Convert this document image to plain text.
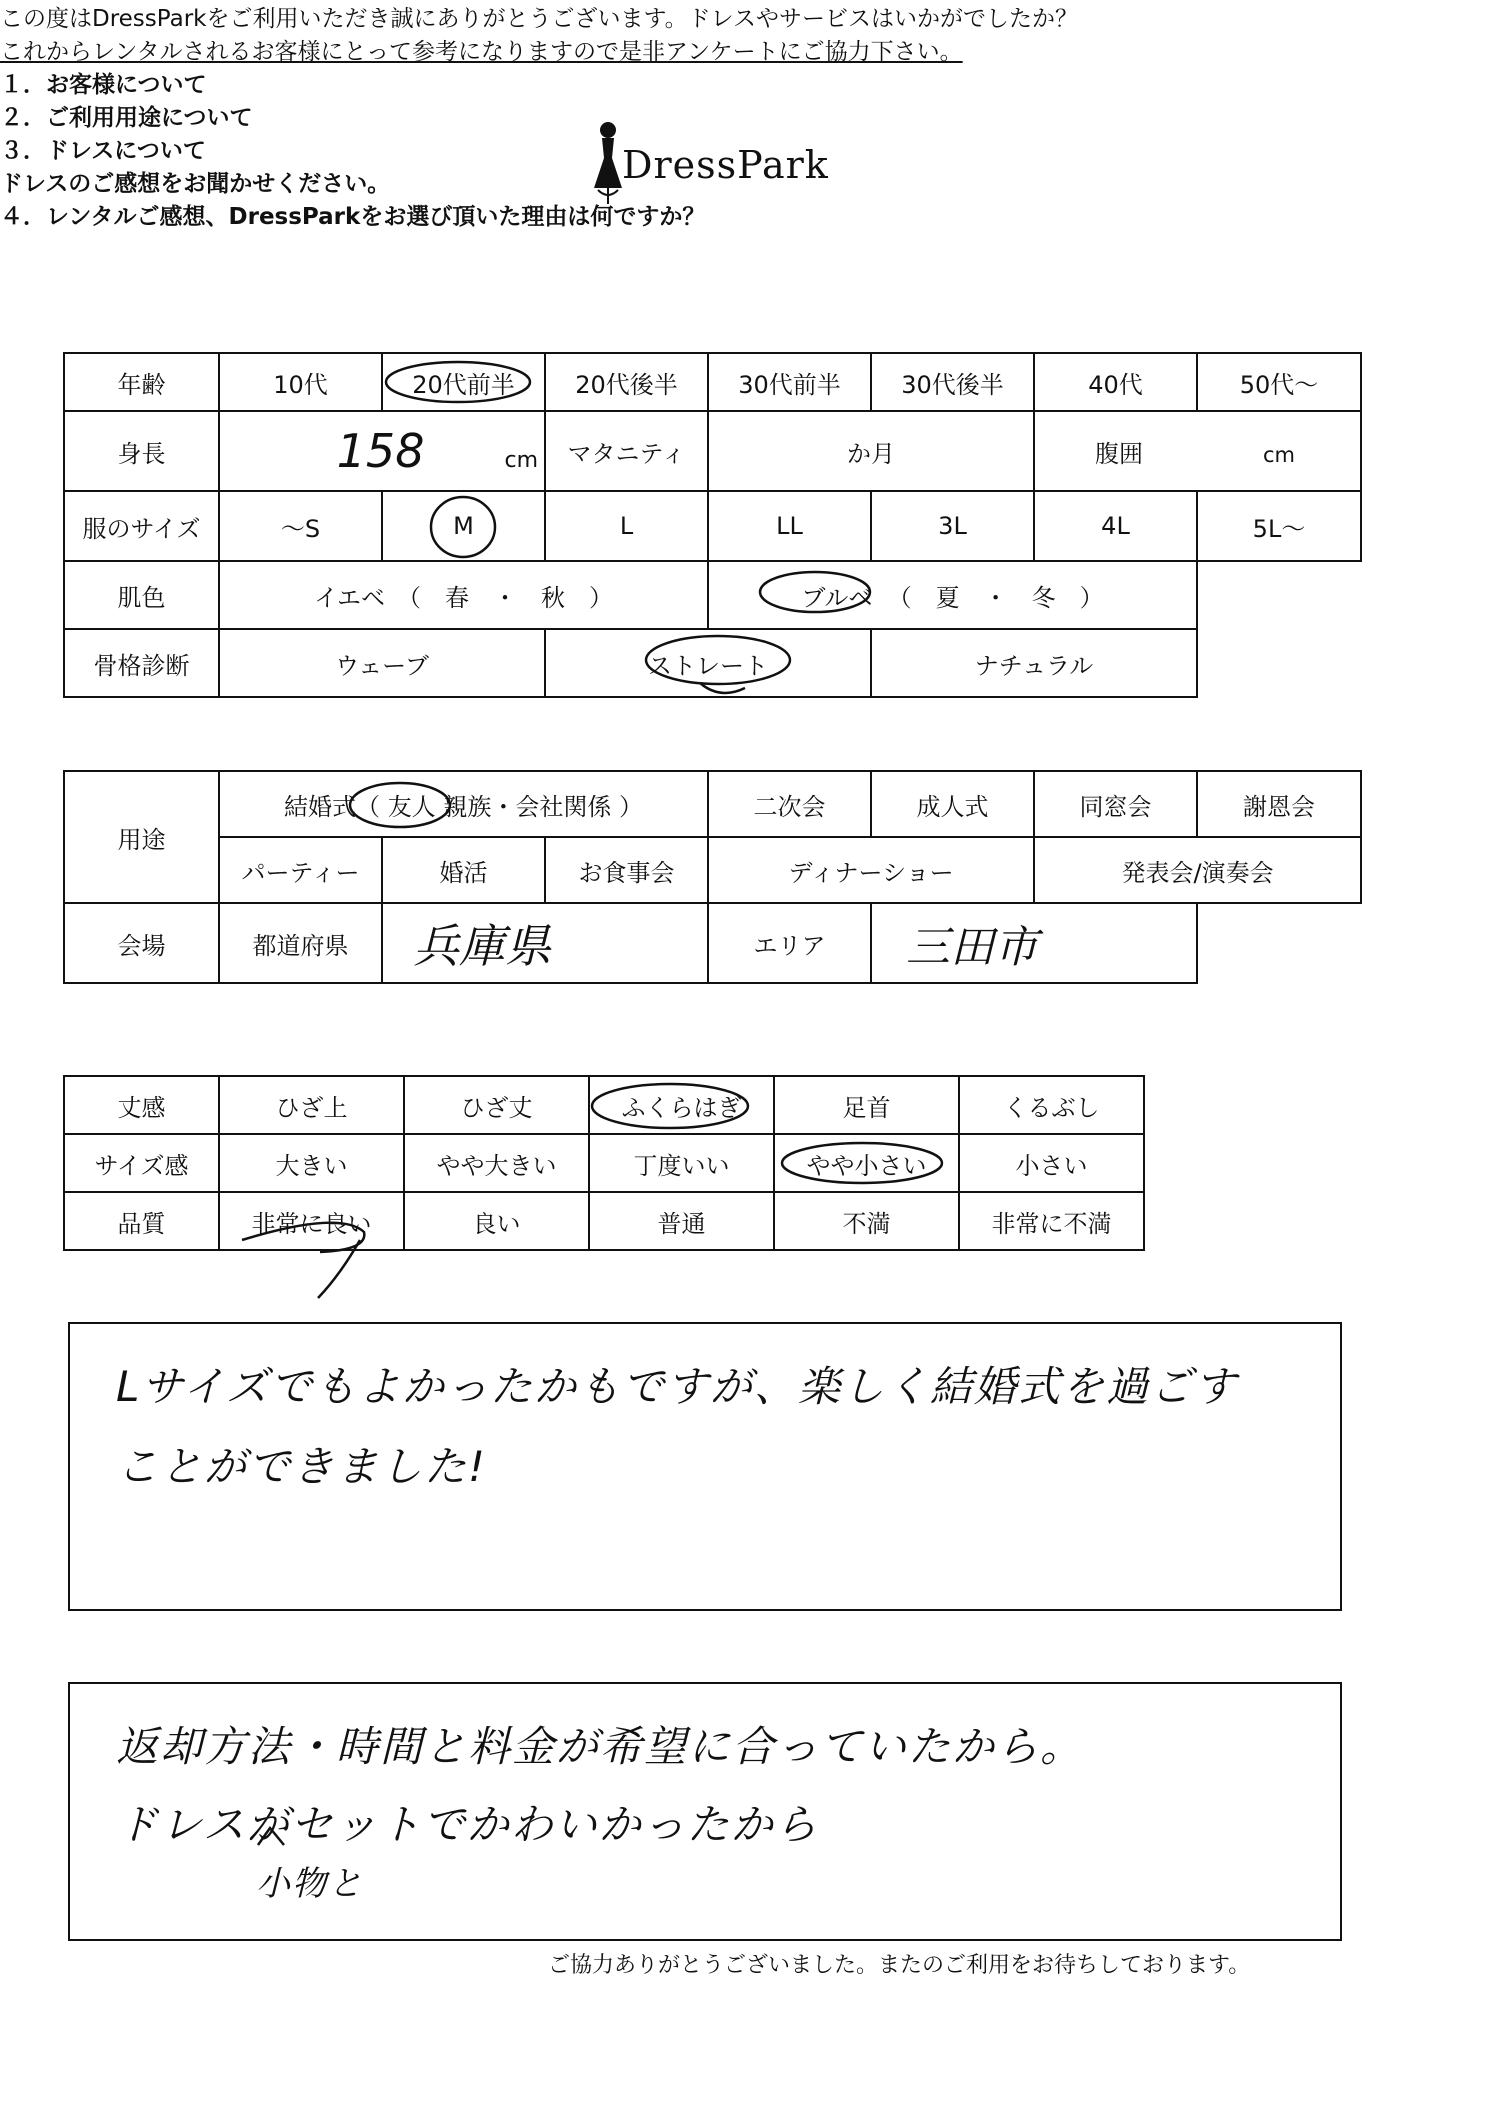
DressPark
この度はDressParkをご利用いただき誠にありがとうございます。ドレスやサービスはいかがでしたか？
これからレンタルされるお客様にとって参考になりますので是非アンケートにご協力下さい。
１．お客様について
年齢	10代	20代前半	20代後半	30代前半	30代後半	40代	50代～
身長	158 cm		マタニティ	か月		腹囲 cm	
服のサイズ	～S	M	L	LL	3L	4L	5L～
肌色	イエベ　（　春　・　秋　）			ブルベ （　夏　・　冬　）			
骨格診断	ウェーブ		ストレート		ナチュラル		
２．ご利用用途について
用途	結婚式（ 友人 親族・会社関係 ）			二次会	成人式	同窓会	謝恩会
	パーティー	婚活	お食事会	ディナーショー		発表会/演奏会	
会場	都道府県	兵庫県		エリア	三田市		
３．ドレスについて
丈感	ひざ上	ひざ丈	ふくらはぎ	足首	くるぶし
サイズ感	大きい	やや大きい	丁度いい	やや小さい	小さい
品質	非常に良い	良い	普通	不満	非常に不満
ドレスのご感想をお聞かせください。
Lサイズでもよかったかもですが、楽しく結婚式を過ごす
ことができました!
４．レンタルご感想、DressParkをお選び頂いた理由は何ですか？
返却方法・時間と料金が希望に合っていたから。
ドレスがセットでかわいかったから
小物と
ご協力ありがとうございました。またのご利用をお待ちしております。
